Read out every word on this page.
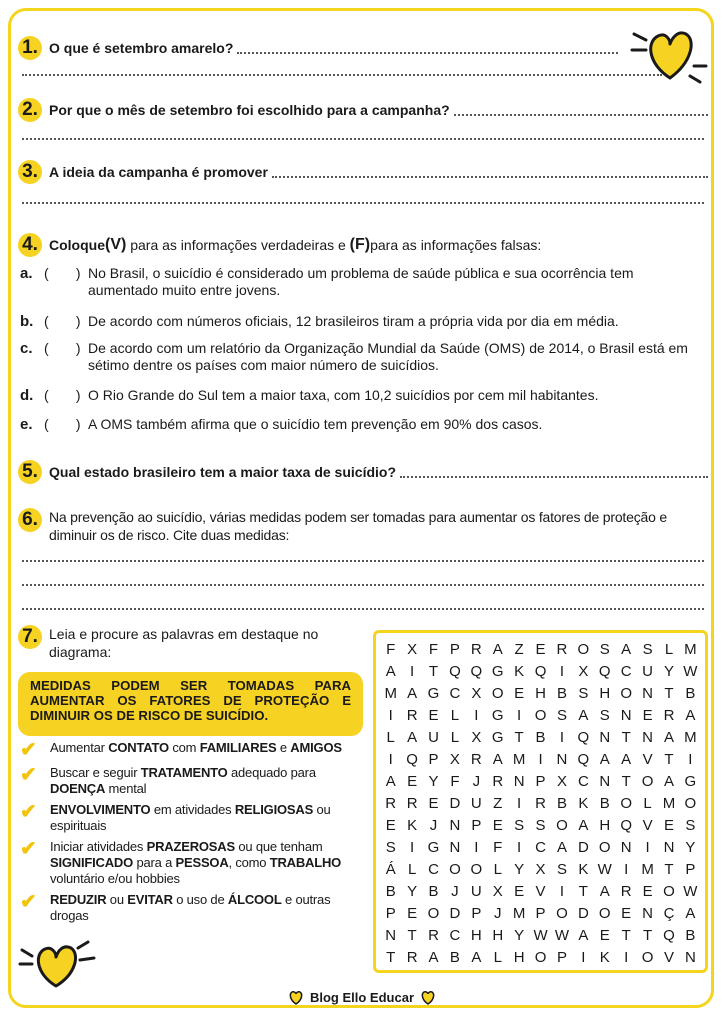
1. O que é setembro amarelo?
2. Por que o mês de setembro foi escolhido para a campanha?
3. A ideia da campanha é promover
4. Coloque (V) para as informações verdadeiras e (F) para as informações falsas:
a. (       ) No Brasil, o suicídio é considerado um problema de saúde pública e sua ocorrência tem aumentado muito entre jovens.
b. (       ) De acordo com números oficiais, 12 brasileiros tiram a própria vida por dia em média.
c. (       ) De acordo com um relatório da Organização Mundial da Saúde (OMS) de 2014, o Brasil está em sétimo dentre os países com maior número de suicídios.
d. (       ) O Rio Grande do Sul tem a maior taxa, com 10,2 suicídios por cem mil habitantes.
e. (       ) A OMS também afirma que o suicídio tem prevenção em 90% dos casos.
5. Qual estado brasileiro tem a maior taxa de suicídio?
6. Na prevenção ao suicídio, várias medidas podem ser tomadas para aumentar os fatores de proteção e diminuir os de risco. Cite duas medidas:
7. Leia e procure as palavras em destaque no diagrama:
MEDIDAS PODEM SER TOMADAS PARA AUMENTAR OS FATORES DE PROTEÇÃO E DIMINUIR OS DE RISCO DE SUICÍDIO.
✔	Aumentar CONTATO com FAMILIARES e AMIGOS
✔	Buscar e seguir TRATAMENTO adequado para DOENÇA mental
✔	ENVOLVIMENTO em atividades RELIGIOSAS ou espirituais
✔	Iniciar atividades PRAZEROSAS ou que tenham SIGNIFICADO para a PESSOA, como TRABALHO voluntário e/ou hobbies
✔	REDUZIR ou EVITAR o uso de ÁLCOOL e outras drogas
F X F P R A Z E R O S A S L M
A I T Q Q G K Q I X Q C U Y W
M A G C X O E H B S H O N T B
I R E L	I G I O S A S N E R A
L A U L X G T B I Q N T N A M
I Q P X R A M I N Q A A V T I
A E Y F J R N P X C N T O A G
R R E D U Z I R B K B O L M O
E K J N P E S S O A H Q V E S
S I G N I F I C A D O N I N Y
Á L C O O L Y X S K W I M T P
B Y B J U X E V I T A R E O W
P E O D P J M P O D O E N Ç A
N T R C H H Y W W A E T T Q B
T R A B A L H O P I K I O V N
Blog Ello Educar
